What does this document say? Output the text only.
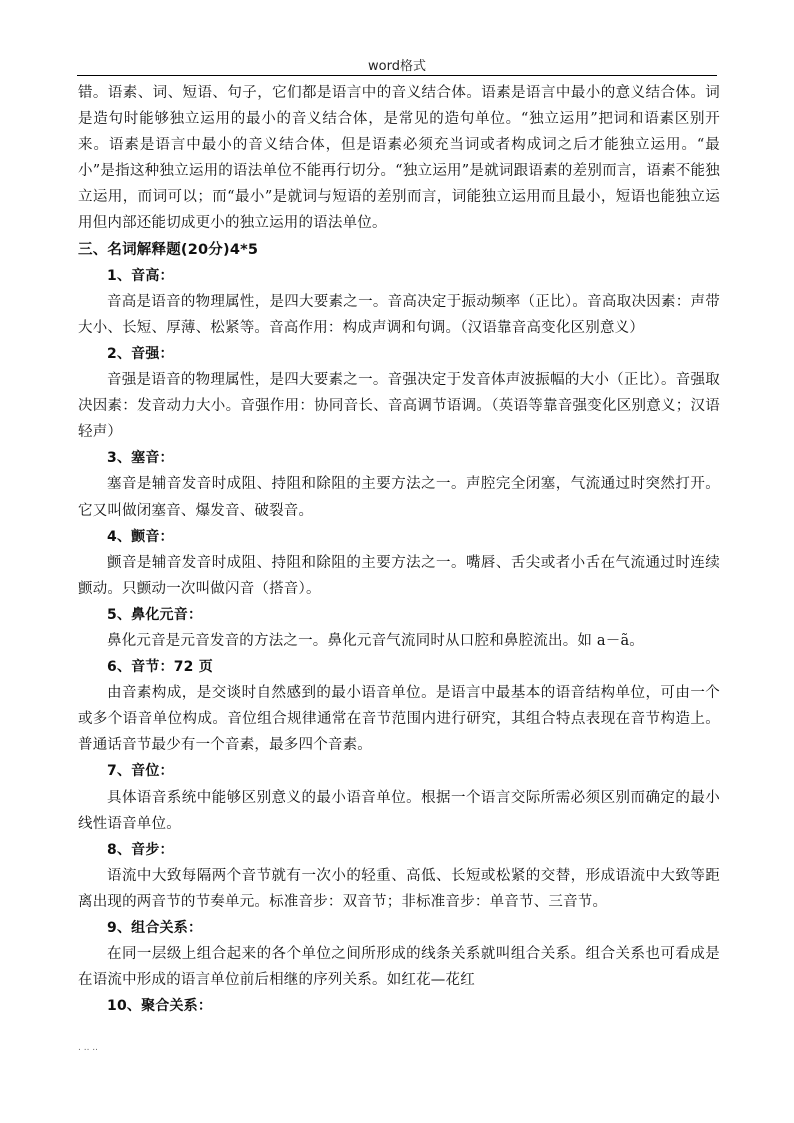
word格式

错。语素、词、短语、句子，它们都是语言中的音义结合体。语素是语言中最小的意义结合体。词是造句时能够独立运用的最小的音义结合体，是常见的造句单位。“独立运用”把词和语素区别开来。语素是语言中最小的音义结合体，但是语素必须充当词或者构成词之后才能独立运用。“最小”是指这种独立运用的语法单位不能再行切分。“独立运用”是就词跟语素的差别而言，语素不能独立运用，而词可以；而“最小”是就词与短语的差别而言，词能独立运用而且最小，短语也能独立运用但内部还能切成更小的独立运用的语法单位。

三、名词解释题(20分)4*5

1、音高：

音高是语音的物理属性，是四大要素之一。音高决定于振动频率（正比）。音高取决因素：声带大小、长短、厚薄、松紧等。音高作用：构成声调和句调。（汉语靠音高变化区别意义）

2、音强：

音强是语音的物理属性，是四大要素之一。音强决定于发音体声波振幅的大小（正比）。音强取决因素：发音动力大小。音强作用：协同音长、音高调节语调。（英语等靠音强变化区别意义；汉语轻声）

3、塞音：

塞音是辅音发音时成阻、持阻和除阻的主要方法之一。声腔完全闭塞，气流通过时突然打开。它又叫做闭塞音、爆发音、破裂音。

4、颤音：

颤音是辅音发音时成阻、持阻和除阻的主要方法之一。嘴唇、舌尖或者小舌在气流通过时连续颤动。只颤动一次叫做闪音（搭音）。

5、鼻化元音：

鼻化元音是元音发音的方法之一。鼻化元音气流同时从口腔和鼻腔流出。如 a－ã。

6、音节：72 页

由音素构成，是交谈时自然感到的最小语音单位。是语言中最基本的语音结构单位，可由一个或多个语音单位构成。音位组合规律通常在音节范围内进行研究，其组合特点表现在音节构造上。普通话音节最少有一个音素，最多四个音素。

7、音位：

具体语音系统中能够区别意义的最小语音单位。根据一个语言交际所需必须区别而确定的最小线性语音单位。

8、音步：

语流中大致每隔两个音节就有一次小的轻重、高低、长短或松紧的交替，形成语流中大致等距离出现的两音节的节奏单元。标准音步：双音节；非标准音步：单音节、三音节。

9、组合关系：

在同一层级上组合起来的各个单位之间所形成的线条关系就叫组合关系。组合关系也可看成是在语流中形成的语言单位前后相继的序列关系。如红花—花红

10、聚合关系：

. .. ..
